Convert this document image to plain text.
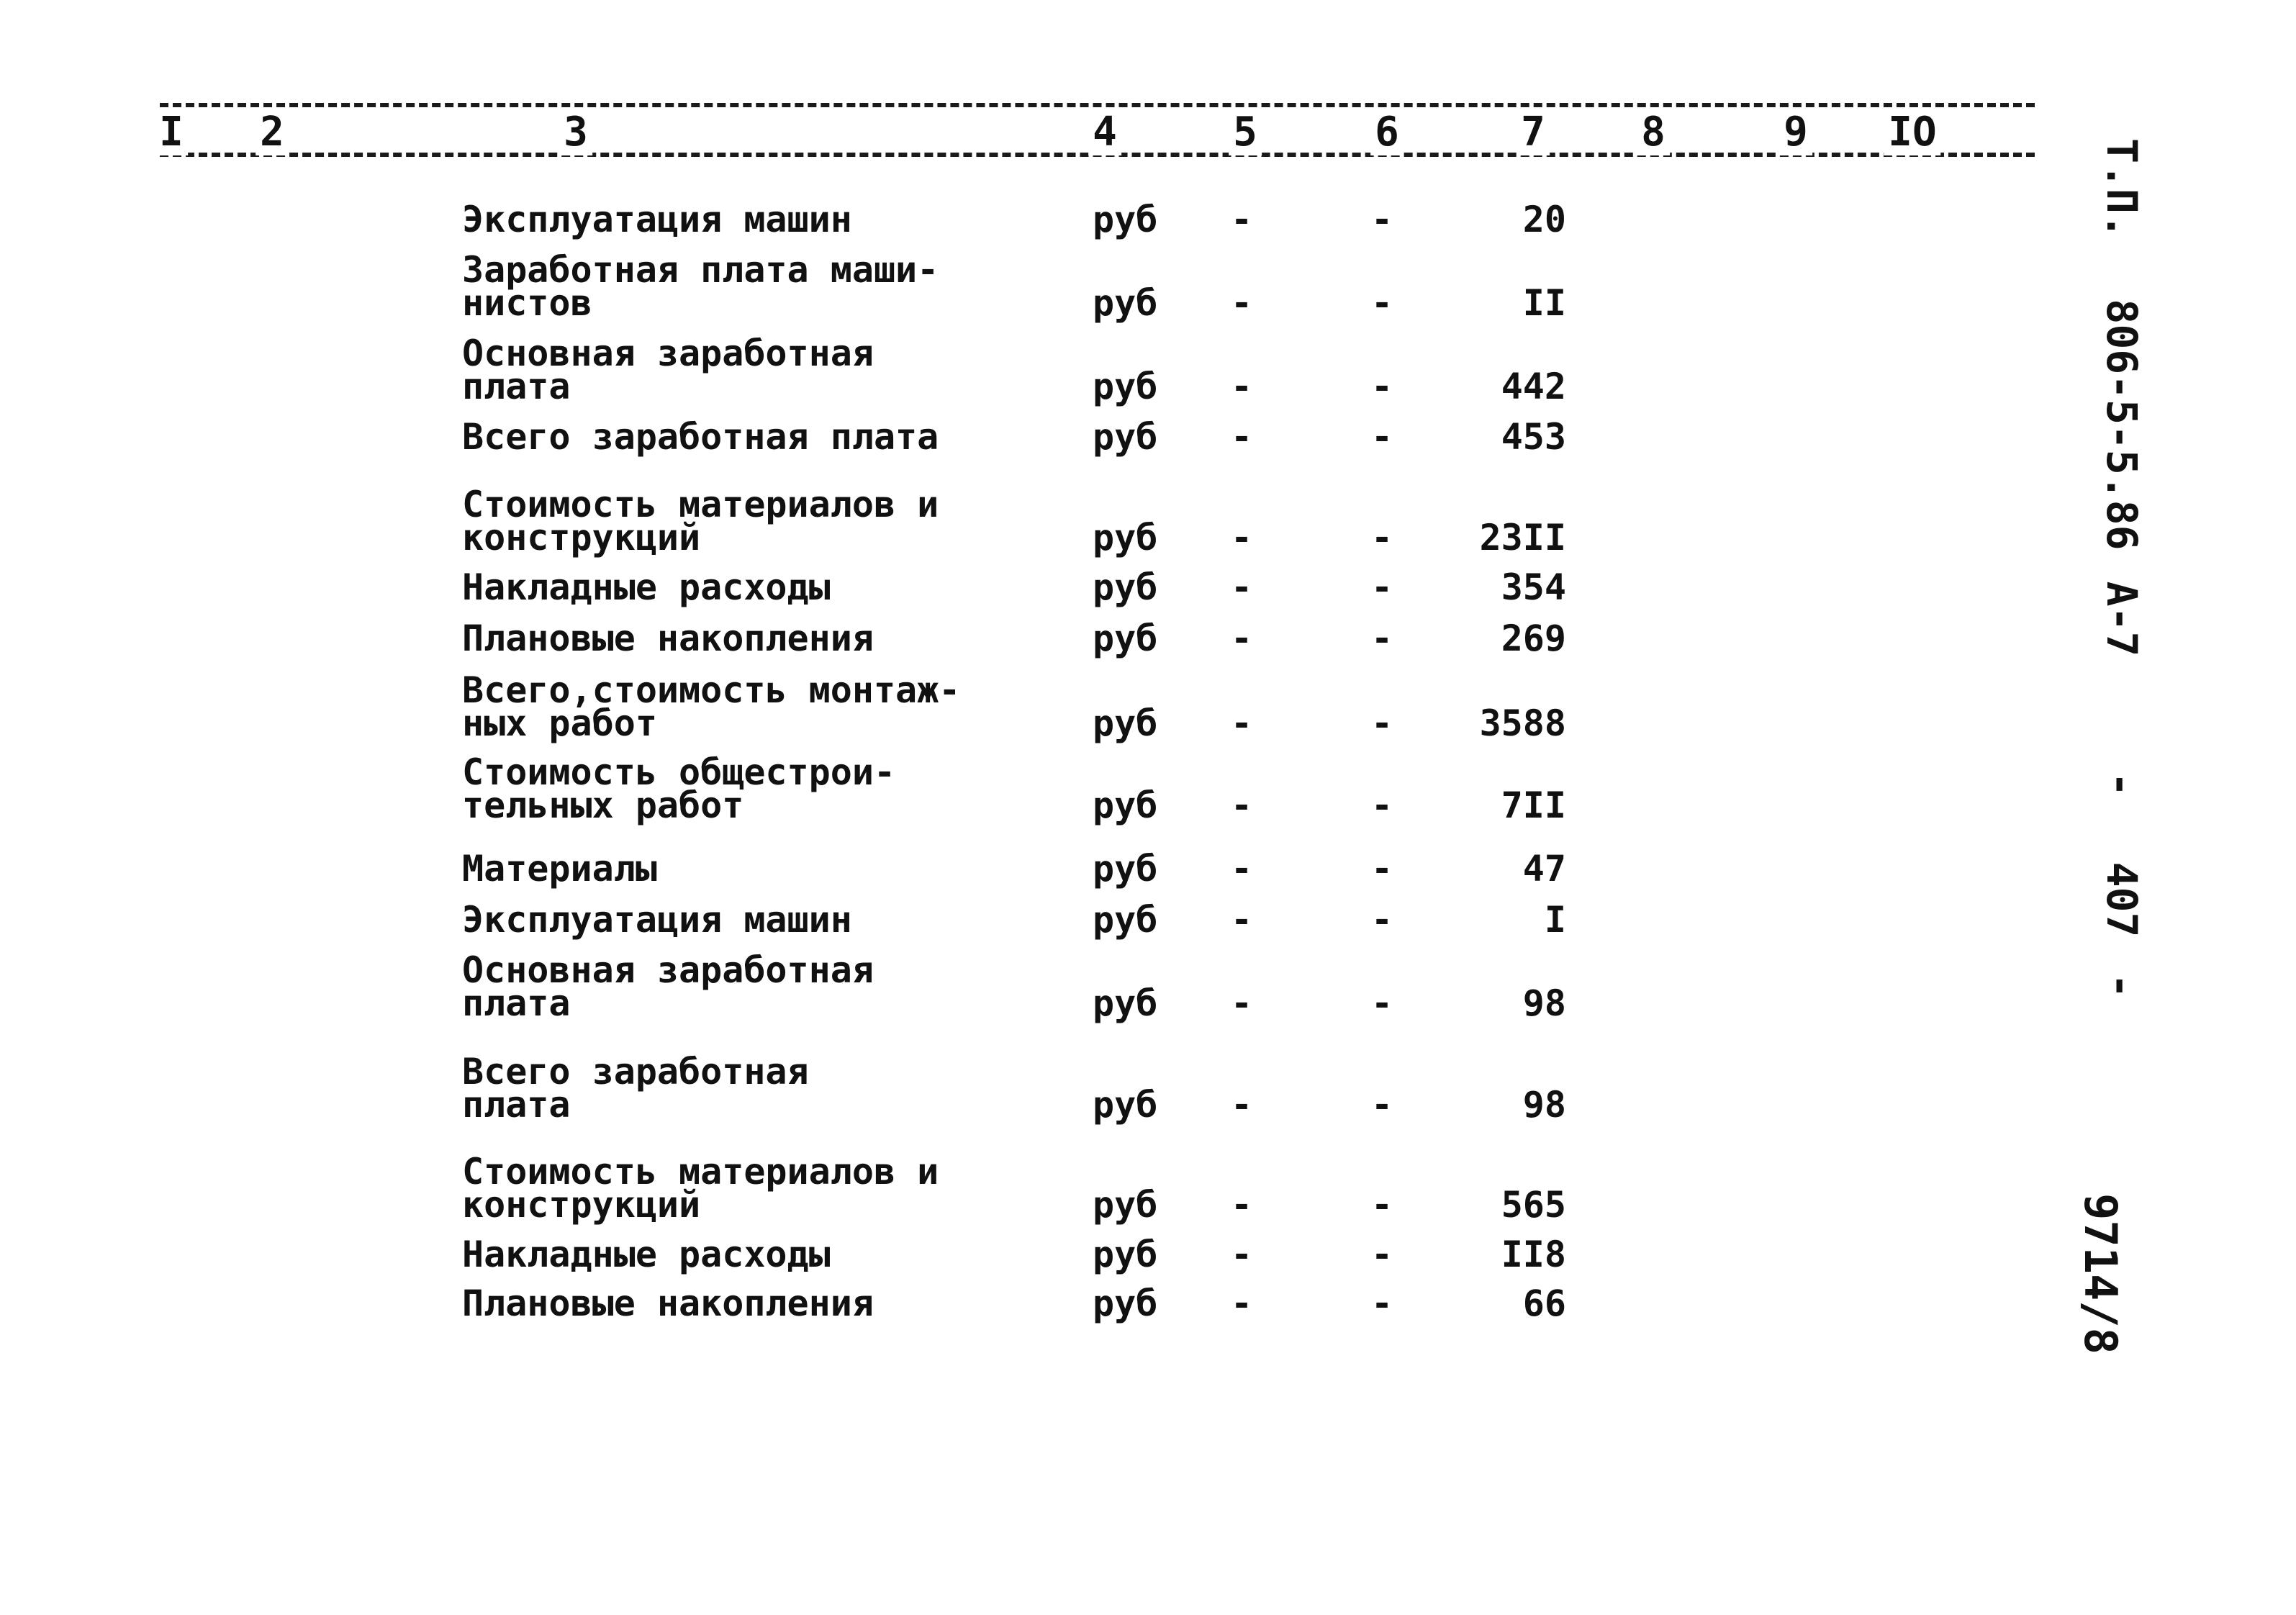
I 2	3	4	5	6	7 8	9 IO
Эксплуатация машин	руб -	-	20
Заработная плата маши-
нистов	руб -	-	II
Основная заработная
плата	руб -	-	442
Всего заработная плата	руб -	-	453
Стоимость материалов и
конструкций	руб -	- 23II
Накладные расходы	руб -	-	354
Плановые накопления	руб -	-	269
Всего,стоимость монтаж-
ных работ	руб -	- 3588
Стоимость общестрои-
тельных работ	руб -	-	7II
Материалы	руб -	-	47
Эксплуатация машин	руб -	-	I
Основная заработная
плата	руб -	-	98
Всего заработная
плата	руб -	-	98
Стоимость материалов и
конструкций	руб -	-	565
Накладные расходы	руб -	-	II8
Плановые накопления	руб -	-	66
Т.П.
806-5-5.86
А-7
-
407
-
9714/8
